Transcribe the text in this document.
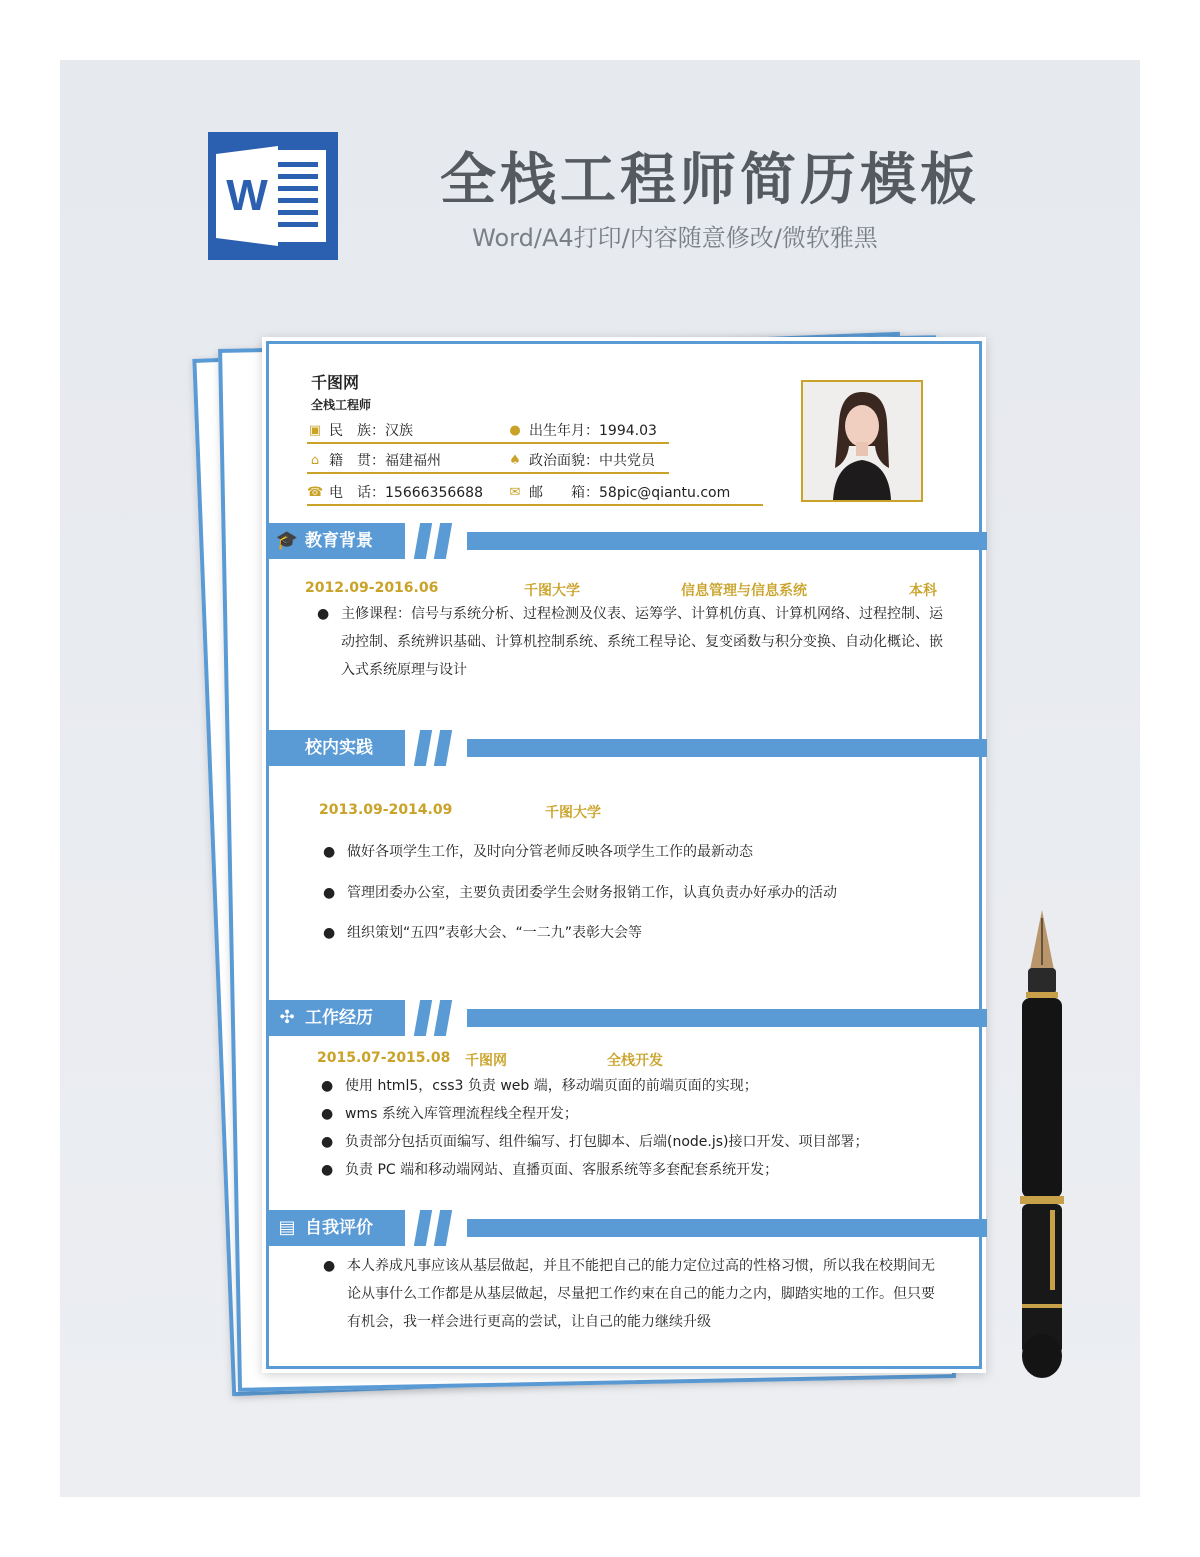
W	全栈工程师简历模板
Word/A4打印/内容随意修改/微软雅黑
千图网
全栈工程师
▣ 民　族：汉族	● 出生年月：1994.03
⌂ 籍　贯：福建福州	♠ 政治面貌：中共党员
☎ 电　话：15666356688 ✉ 邮　　箱：58pic@qiantu.com
🎓 教育背景
2012.09-2016.06	千图大学	信息管理与信息系统	本科
● 主修课程：信号与系统分析、过程检测及仪表、运筹学、计算机仿真、计算机网络、过程控制、运
动控制、系统辨识基础、计算机控制系统、系统工程导论、复变函数与积分变换、自动化概论、嵌
入式系统原理与设计
校内实践
2013.09-2014.09	千图大学
● 做好各项学生工作，及时向分管老师反映各项学生工作的最新动态
● 管理团委办公室，主要负责团委学生会财务报销工作，认真负责办好承办的活动
● 组织策划“五四”表彰大会、“一二九”表彰大会等
✣ 工作经历
2015.07-2015.08 千图网	全栈开发
● 使用 html5，css3 负责 web 端，移动端页面的前端页面的实现；
● wms 系统入库管理流程线全程开发；
● 负责部分包括页面编写、组件编写、打包脚本、后端(node.js)接口开发、项目部署；
● 负责 PC 端和移动端网站、直播页面、客服系统等多套配套系统开发；
▤ 自我评价
● 本人养成凡事应该从基层做起，并且不能把自己的能力定位过高的性格习惯，所以我在校期间无
论从事什么工作都是从基层做起，尽量把工作约束在自己的能力之内，脚踏实地的工作。但只要
有机会，我一样会进行更高的尝试，让自己的能力继续升级
